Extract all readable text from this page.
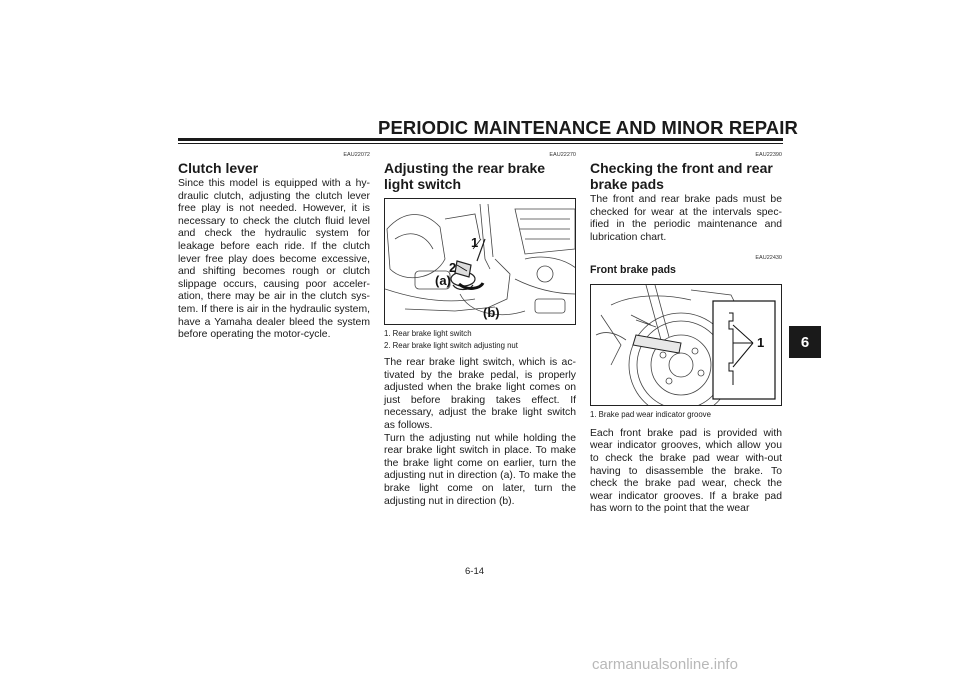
PERIODIC MAINTENANCE AND MINOR REPAIR
EAU22072
Clutch lever

Since this model is equipped with a hy-draulic clutch, adjusting the clutch lever free play is not needed. However, it is necessary to check the clutch fluid level and check the hydraulic system for leakage before each ride. If the clutch lever free play does become excessive, and shifting becomes rough or clutch slippage occurs, causing poor acceler-ation, there may be air in the clutch sys-tem. If there is air in the hydraulic system, have a Yamaha dealer bleed the system before operating the motor-cycle.

EAU22270
Adjusting the rear brake light switch
1
2
(a)
(b)
1. Rear brake light switch
2. Rear brake light switch adjusting nut

The rear brake light switch, which is ac-tivated by the brake pedal, is properly adjusted when the brake light comes on just before braking takes effect. If necessary, adjust the brake light switch as follows.

Turn the adjusting nut while holding the rear brake light switch in place. To make the brake light come on earlier, turn the adjusting nut in direction (a). To make the brake light come on later, turn the adjusting nut in direction (b).

EAU22390
Checking the front and rear brake pads

The front and rear brake pads must be checked for wear at the intervals spec-ified in the periodic maintenance and lubrication chart.

EAU22430
Front brake pads
1
1. Brake pad wear indicator groove

Each front brake pad is provided with wear indicator grooves, which allow you to check the brake pad wear with-out having to disassemble the brake. To check the brake pad wear, check the wear indicator grooves. If a brake pad has worn to the point that the wear

6
6-14
carmanualsonline.info
